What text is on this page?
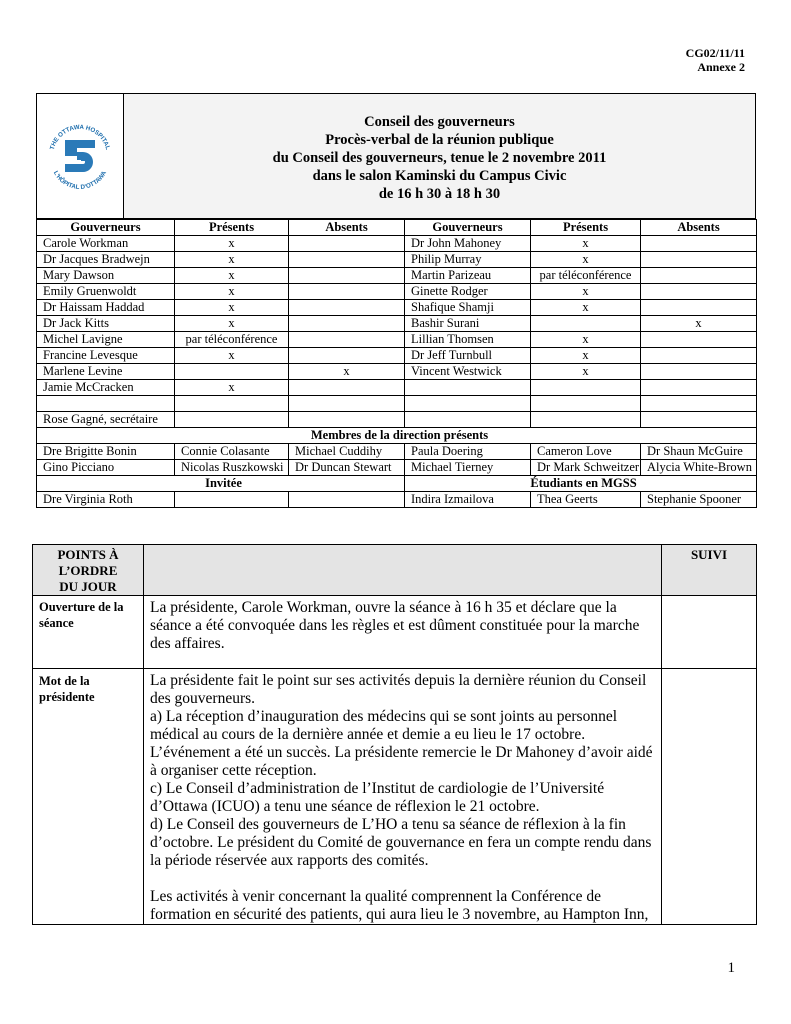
CG02/11/11
Annexe 2
THE OTTAWA HOSPITAL
L'HÔPITAL D'OTTAWA
Conseil des gouverneurs
Procès-verbal de la réunion publique
du Conseil des gouverneurs, tenue le 2 novembre 2011
dans le salon Kaminski du Campus Civic
de 16 h 30 à 18 h 30
Gouverneurs	Présents	Absents	Gouverneurs	Présents	Absents
Carole Workman	x		Dr John Mahoney	x	
Dr Jacques Bradwejn	x		Philip Murray	x	
Mary Dawson	x		Martin Parizeau	par téléconférence	
Emily Gruenwoldt	x		Ginette Rodger	x	
Dr Haissam Haddad	x		Shafique Shamji	x	
Dr Jack Kitts	x		Bashir Surani		x
Michel Lavigne	par téléconférence		Lillian Thomsen	x	
Francine Levesque	x		Dr Jeff Turnbull	x	
Marlene Levine		x	Vincent Westwick	x	
Jamie McCracken	x				

Rose Gagné, secrétaire					
Membres de la direction présents					
Dre Brigitte Bonin	Connie Colasante	Michael Cuddihy	Paula Doering	Cameron Love	Dr Shaun McGuire
Gino Picciano	Nicolas Ruszkowski	Dr Duncan Stewart	Michael Tierney	Dr Mark Schweitzer	Alycia White-Brown
Invitée			Étudiants en MGSS		
Dre Virginia Roth			Indira Izmailova	Thea Geerts	Stephanie Spooner
POINTS À L’ORDRE DU JOUR		SUIVI

Ouverture de la séance	La présidente, Carole Workman, ouvre la séance à 16 h 35 et déclare que la séance a été convoquée dans les règles et est dûment constituée pour la marche des affaires.	

Mot de la présidente	La présidente fait le point sur ses activités depuis la dernière réunion du Conseil des gouverneurs.

a) La réception d’inauguration des médecins qui se sont joints au personnel médical au cours de la dernière année et demie a eu lieu le 17 octobre. L’événement a été un succès. La présidente remercie le Dr Mahoney d’avoir aidé à organiser cette réception.

c) Le Conseil d’administration de l’Institut de cardiologie de l’Université d’Ottawa (ICUO) a tenu une séance de réflexion le 21 octobre.

d) Le Conseil des gouverneurs de L’HO a tenu sa séance de réflexion à la fin d’octobre. Le président du Comité de gouvernance en fera un compte rendu dans la période réservée aux rapports des comités.

Les activités à venir concernant la qualité comprennent la Conférence de formation en sécurité des patients, qui aura lieu le 3 novembre, au Hampton Inn,	

1
